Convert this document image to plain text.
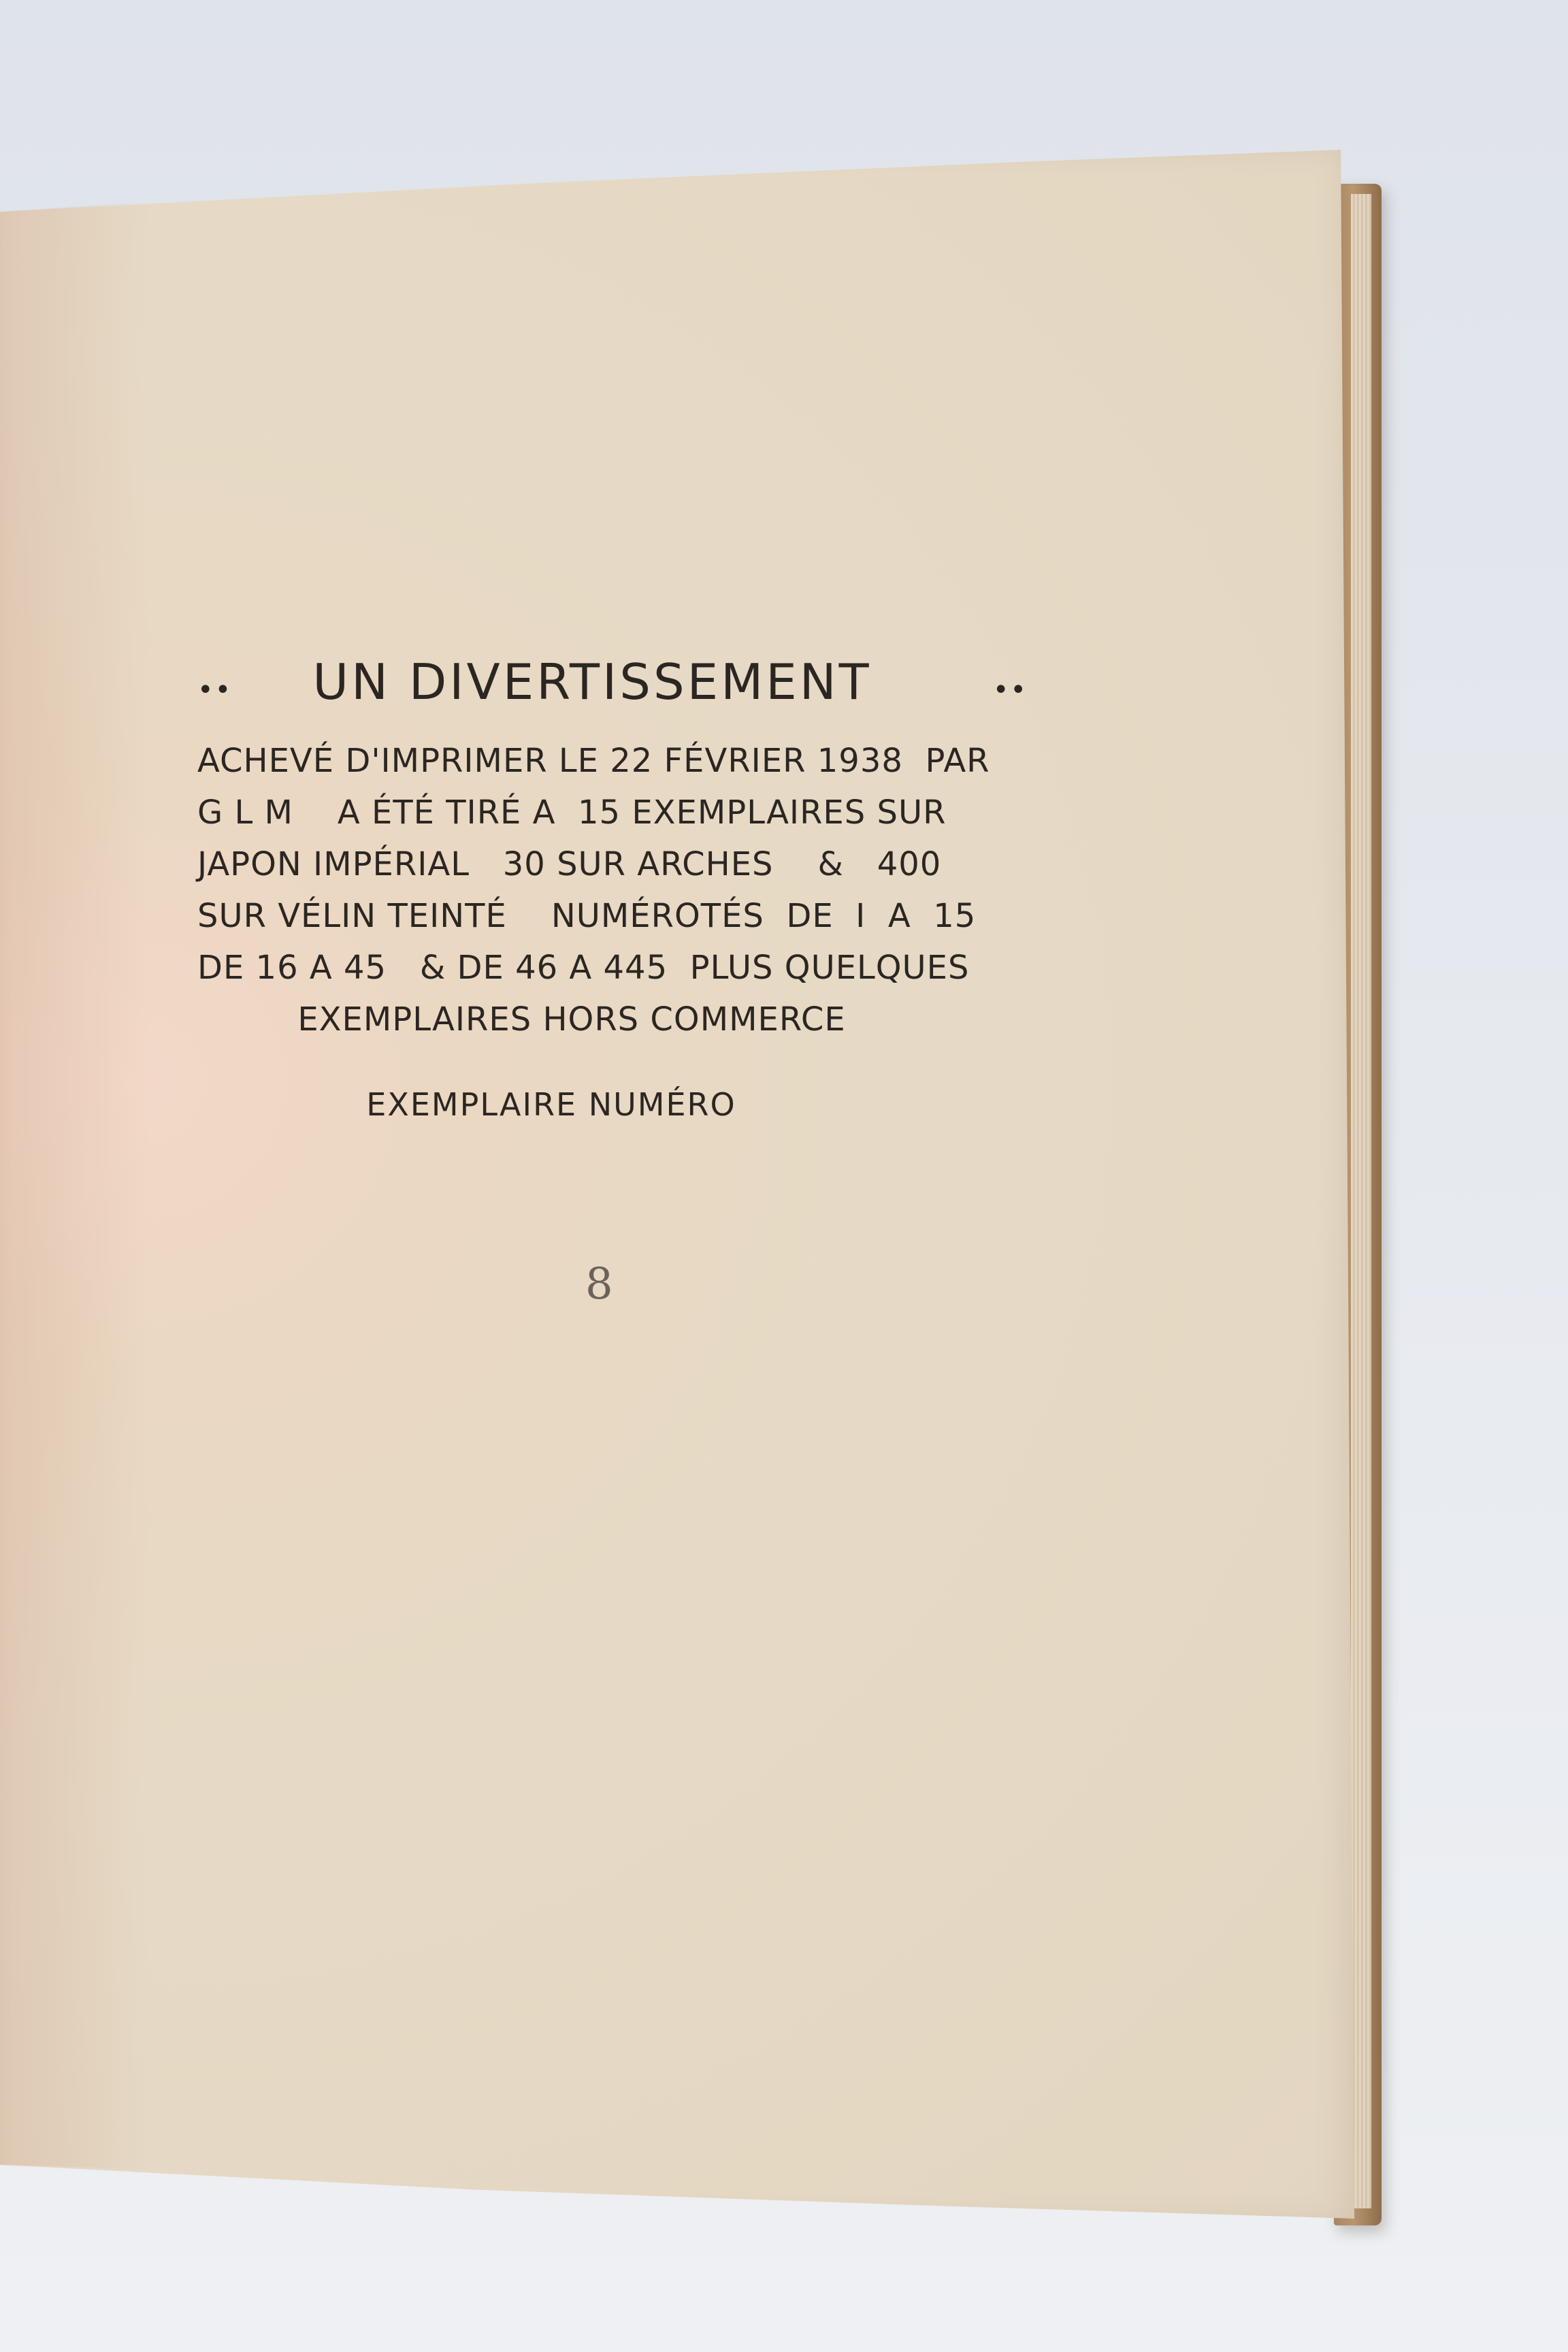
••	UN DIVERTISSEMENT	••
ACHEVÉ D'IMPRIMER LE 22 FÉVRIER 1938  PAR
G L M    A ÉTÉ TIRÉ A  15 EXEMPLAIRES SUR
JAPON IMPÉRIAL   30 SUR ARCHES    &   400
SUR VÉLIN TEINTÉ    NUMÉROTÉS  DE  I  A  15
DE 16 A 45   & DE 46 A 445  PLUS QUELQUES
EXEMPLAIRES HORS COMMERCE
EXEMPLAIRE NUMÉRO
8
